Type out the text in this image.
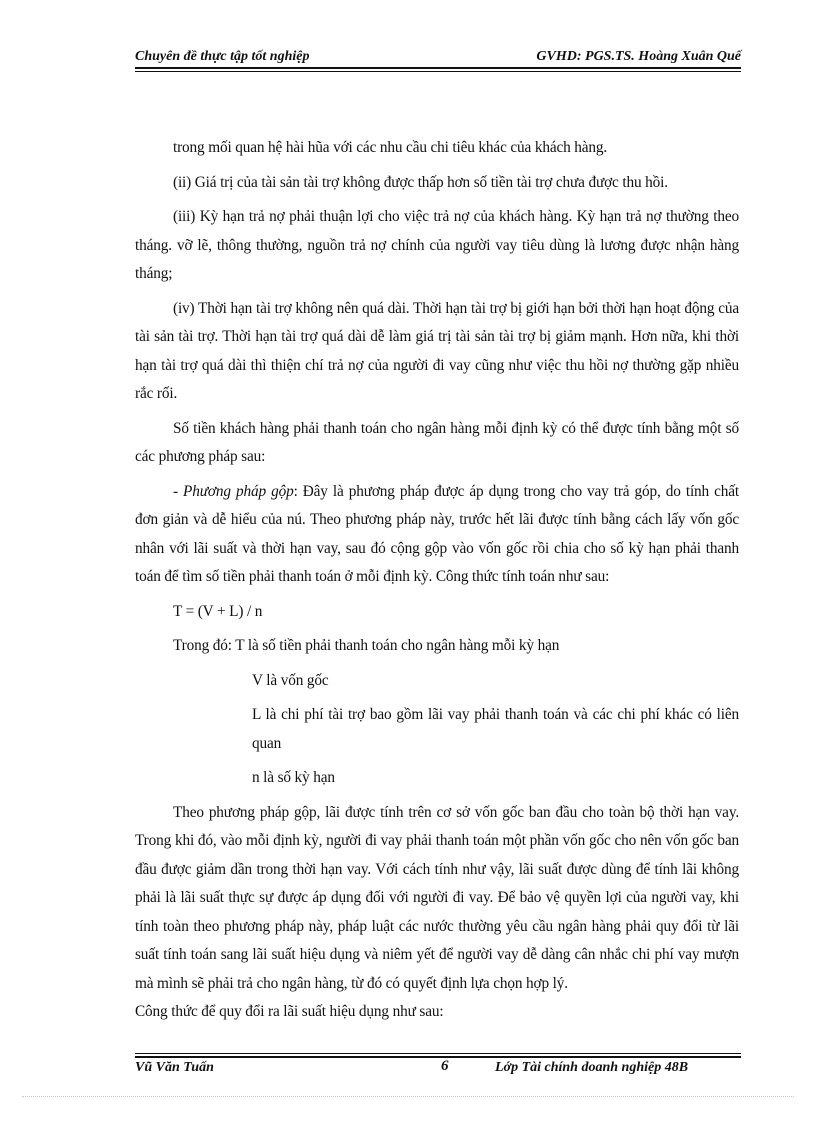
Chuyên đề thực tập tốt nghiệp	GVHD: PGS.TS. Hoàng Xuân Quế

trong mối quan hệ hài hũa với các nhu cầu chi tiêu khác của khách hàng.

(ii) Giá trị của tài sản tài trợ không được thấp hơn số tiền tài trợ chưa được thu hồi.

(iii) Kỳ hạn trả nợ phải thuận lợi cho việc trả nợ của khách hàng. Kỳ hạn trả nợ thường theo tháng. vỡ lẽ, thông thường, nguồn trả nợ chính của người vay tiêu dùng là lương được nhận hàng tháng;

(iv) Thời hạn tài trợ không nên quá dài. Thời hạn tài trợ bị giới hạn bởi thời hạn hoạt động của tài sản tài trợ. Thời hạn tài trợ quá dài dễ làm giá trị tài sản tài trợ bị giảm mạnh. Hơn nữa, khi thời hạn tài trợ quá dài thì thiện chí trả nợ của người đi vay cũng như việc thu hồi nợ thường gặp nhiều rắc rối.

Số tiền khách hàng phải thanh toán cho ngân hàng mỗi định kỳ có thể được tính bằng một số các phương pháp sau:

- Phương pháp gộp: Đây là phương pháp được áp dụng trong cho vay trả góp, do tính chất đơn giản và dễ hiểu của nú. Theo phương pháp này, trước hết lãi được tính bằng cách lấy vốn gốc nhân với lãi suất và thời hạn vay, sau đó cộng gộp vào vốn gốc rồi chia cho số kỳ hạn phải thanh toán để tìm số tiền phải thanh toán ở mỗi định kỳ. Công thức tính toán như sau:

T = (V + L) / n

Trong đó: T là số tiền phải thanh toán cho ngân hàng mỗi kỳ hạn

V là vốn gốc

L là chi phí tài trợ bao gồm lãi vay phải thanh toán và các chi phí khác có liên quan

n là số kỳ hạn

Theo phương pháp gộp, lãi được tính trên cơ sở vốn gốc ban đầu cho toàn bộ thời hạn vay. Trong khi đó, vào mỗi định kỳ, người đi vay phải thanh toán một phần vốn gốc cho nên vốn gốc ban đầu được giảm dần trong thời hạn vay. Với cách tính như vậy, lãi suất được dùng để tính lãi không phải là lãi suất thực sự được áp dụng đối với người đi vay. Để bảo vệ quyền lợi của người vay, khi tính toàn theo phương pháp này, pháp luật các nước thường yêu cầu ngân hàng phải quy đổi từ lãi suất tính toán sang lãi suất hiệu dụng và niêm yết để người vay dễ dàng cân nhắc chi phí vay mượn mà mình sẽ phải trả cho ngân hàng, từ đó có quyết định lựa chọn hợp lý.

Công thức để quy đổi ra lãi suất hiệu dụng như sau:

Vũ Văn Tuấn	6	Lớp Tài chính doanh nghiệp 48B
